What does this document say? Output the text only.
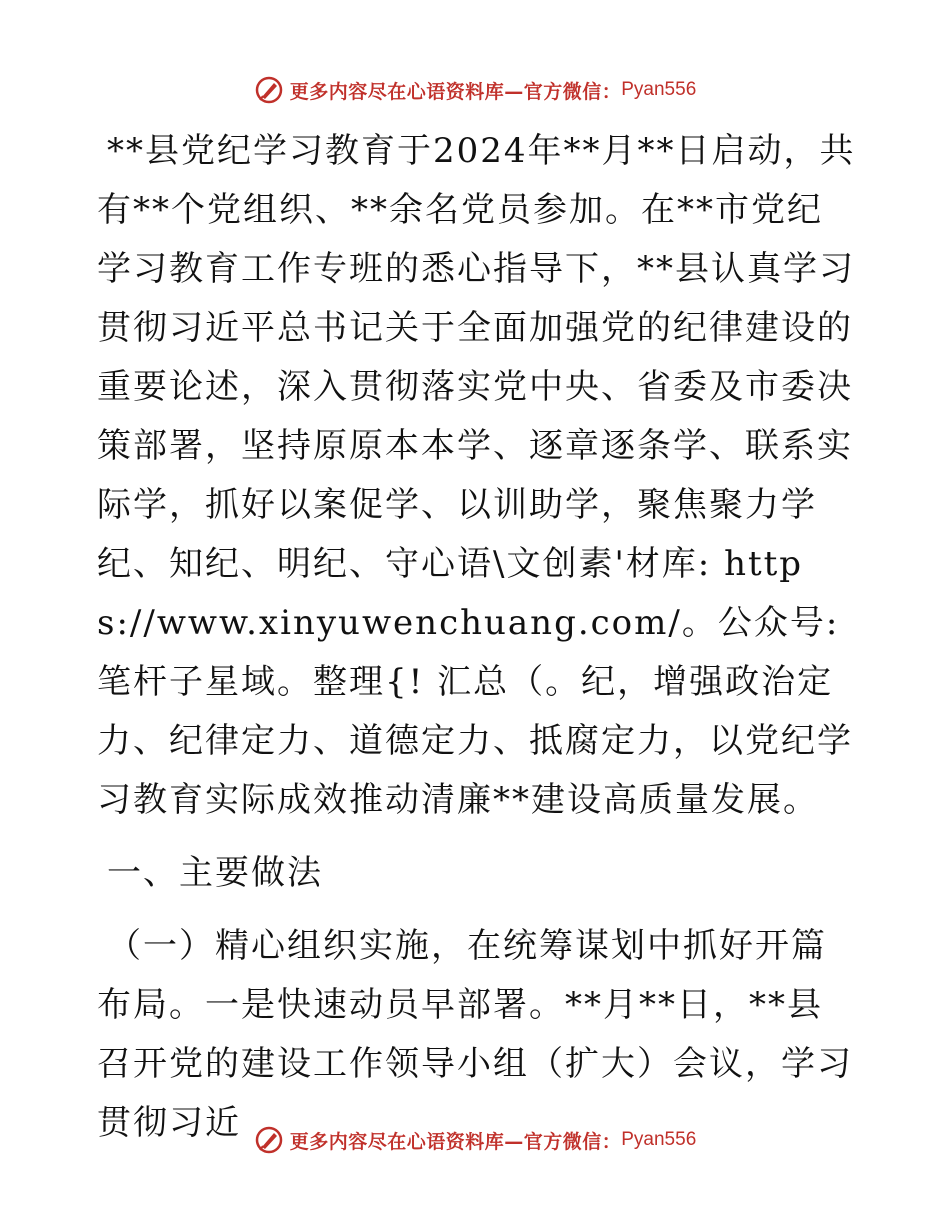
更多内容尽在心语资料库—官方微信： Pyan556

**县党纪学习教育于2024年**月**日启动，共有**个党组织、**余名党员参加。在**市党纪学习教育工作专班的悉心指导下，**县认真学习贯彻习近平总书记关于全面加强党的纪律建设的重要论述，深入贯彻落实党中央、省委及市委决策部署，坚持原原本本学、逐章逐条学、联系实际学，抓好以案促学、以训助学，聚焦聚力学纪、知纪、明纪、守心语\文创素'材库: https://www.xinyuwenchuang.com/。公众号: 笔杆子星域。整理{! 汇总（。纪，增强政治定力、纪律定力、道德定力、抵腐定力，以党纪学习教育实际成效推动清廉**建设高质量发展。

一、主要做法

（一）精心组织实施，在统筹谋划中抓好开篇布局。一是快速动员早部署。**月**日，**县召开党的建设工作领导小组（扩大）会议，学习贯彻习近	更多内容尽在心语资料库—官方微信： Pyan556
